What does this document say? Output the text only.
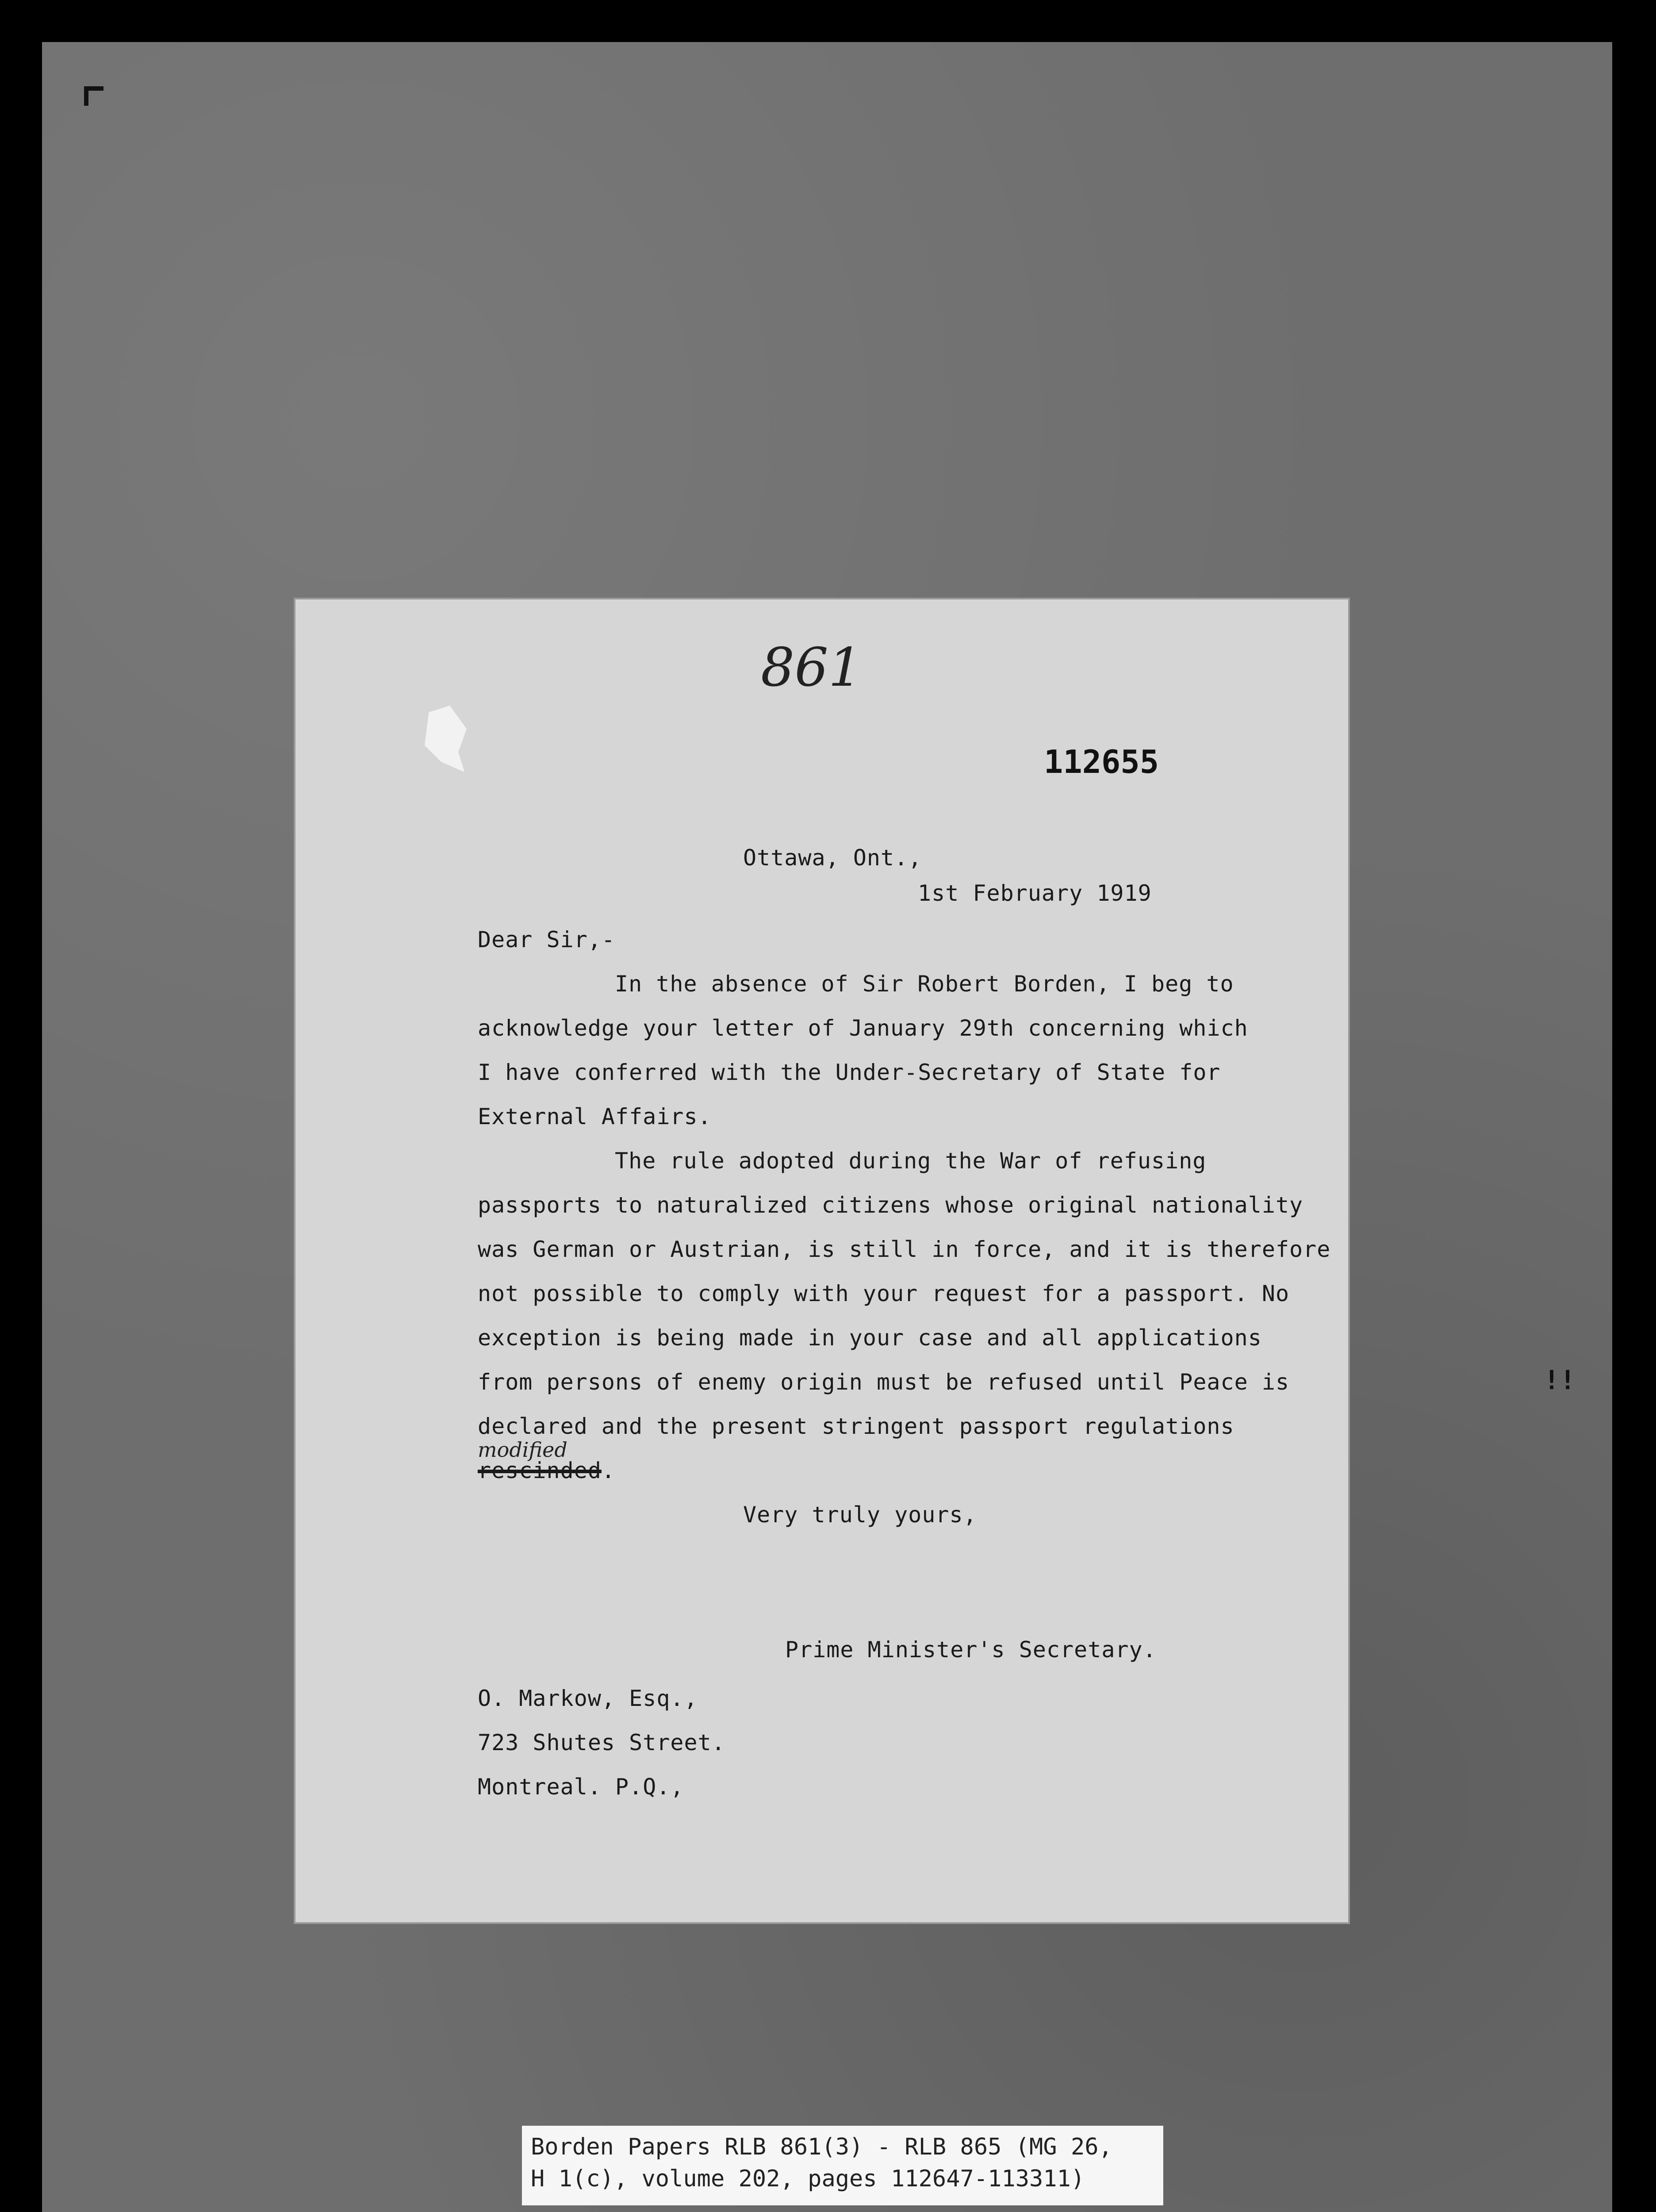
861
112655
Ottawa, Ont.,
1st February 1919
Dear Sir,-
In the absence of Sir Robert Borden, I beg to
acknowledge your letter of January 29th concerning which
I have conferred with the Under-Secretary of State for
External Affairs.
The rule adopted during the War of refusing
passports to naturalized citizens whose original nationality
was German or Austrian, is still in force, and it is therefore
not possible to comply with your request for a passport. No
exception is being made in your case and all applications
from persons of enemy origin must be refused until Peace is
declared and the present stringent passport regulations
modified
rescinded.
Very truly yours,
Prime Minister's Secretary.
O. Markow, Esq.,
723 Shutes Street.
Montreal. P.Q.,
!!
Borden Papers RLB 861(3) - RLB 865 (MG 26,
H 1(c), volume 202, pages 112647-113311)
